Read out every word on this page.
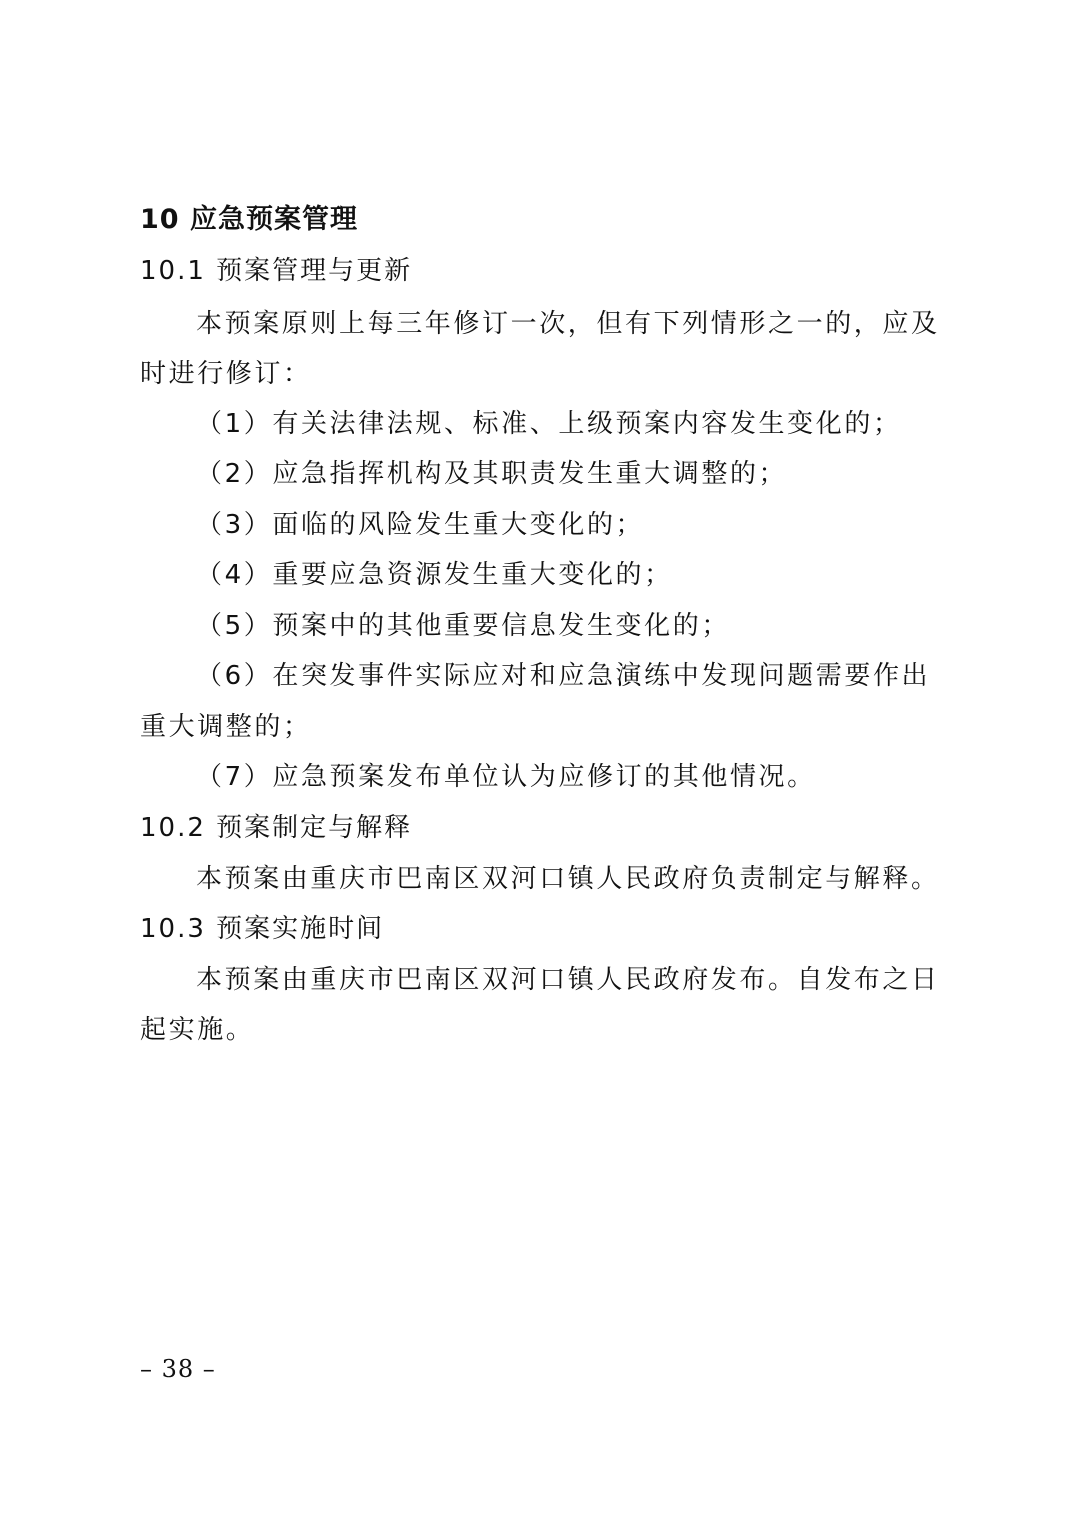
10 应急预案管理
10.1 预案管理与更新
本预案原则上每三年修订一次，但有下列情形之一的，应及
时进行修订：
（1）有关法律法规、标准、上级预案内容发生变化的；
（2）应急指挥机构及其职责发生重大调整的；
（3）面临的风险发生重大变化的；
（4）重要应急资源发生重大变化的；
（5）预案中的其他重要信息发生变化的；
（6）在突发事件实际应对和应急演练中发现问题需要作出
重大调整的；
（7）应急预案发布单位认为应修订的其他情况。
10.2 预案制定与解释
本预案由重庆市巴南区双河口镇人民政府负责制定与解释。
10.3 预案实施时间
本预案由重庆市巴南区双河口镇人民政府发布。自发布之日
起实施。
– 38 –
